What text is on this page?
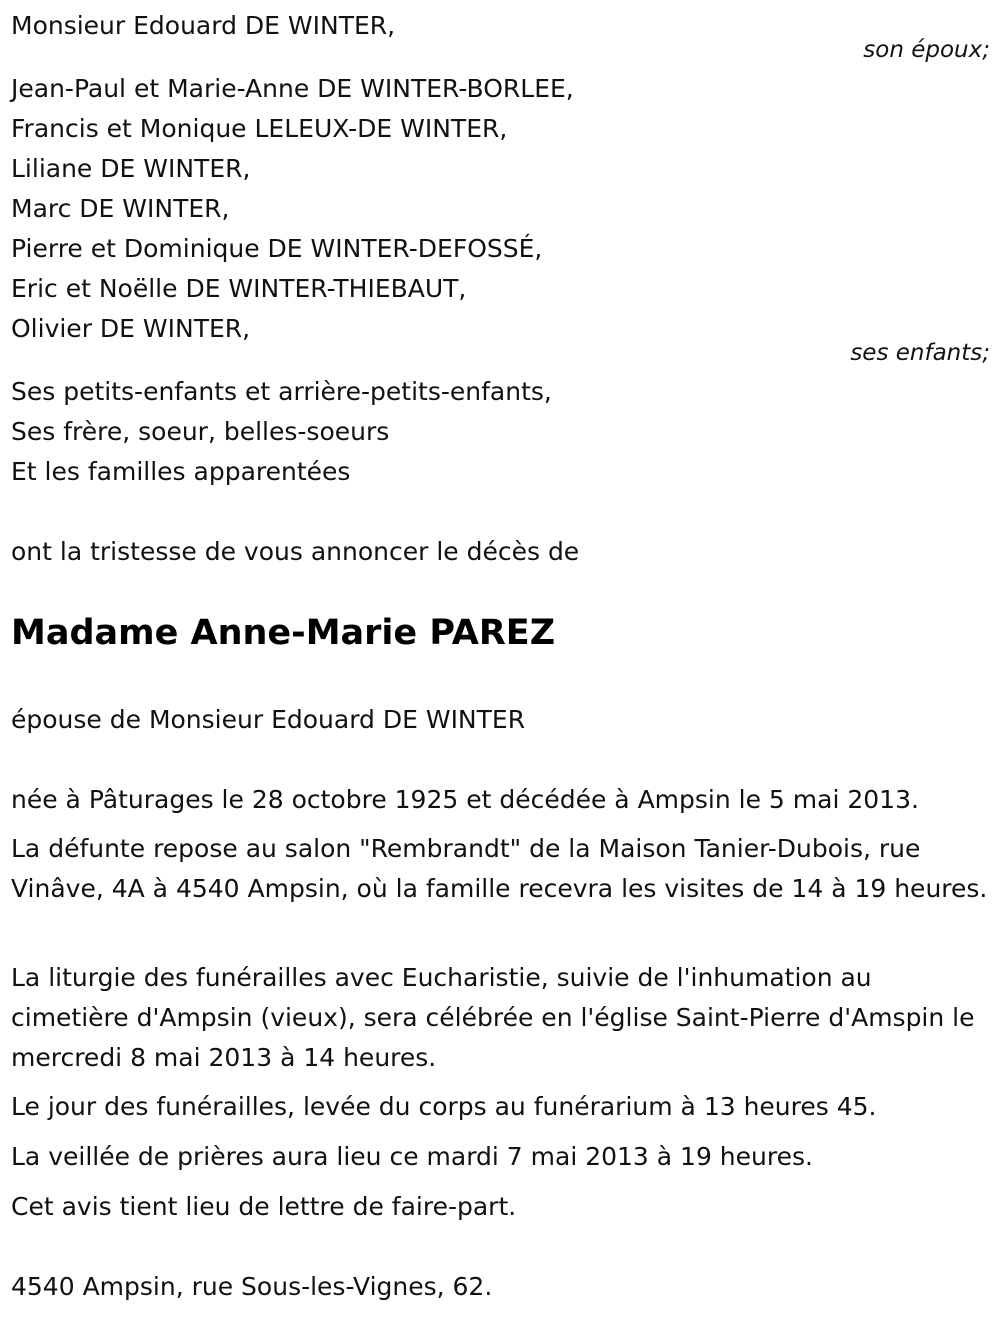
Monsieur Edouard DE WINTER,
son époux;
Jean-Paul et Marie-Anne DE WINTER-BORLEE,
Francis et Monique LELEUX-DE WINTER,
Liliane DE WINTER,
Marc DE WINTER,
Pierre et Dominique DE WINTER-DEFOSSÉ,
Eric et Noëlle DE WINTER-THIEBAUT,
Olivier DE WINTER,
ses enfants;
Ses petits-enfants et arrière-petits-enfants,
Ses frère, soeur, belles-soeurs
Et les familles apparentées
ont la tristesse de vous annoncer le décès de
Madame Anne-Marie PAREZ
épouse de Monsieur Edouard DE WINTER
née à Pâturages le 28 octobre 1925 et décédée à Ampsin le 5 mai 2013.
La défunte repose au salon "Rembrandt" de la Maison Tanier-Dubois, rue Vinâve, 4A à 4540 Ampsin, où la famille recevra les visites de 14 à 19 heures.
La liturgie des funérailles avec Eucharistie, suivie de l'inhumation au cimetière d'Ampsin (vieux), sera célébrée en l'église Saint-Pierre d'Amspin le mercredi 8 mai 2013 à 14 heures.
Le jour des funérailles, levée du corps au funérarium à 13 heures 45.
La veillée de prières aura lieu ce mardi 7 mai 2013 à 19 heures.
Cet avis tient lieu de lettre de faire-part.
4540 Ampsin, rue Sous-les-Vignes, 62.
